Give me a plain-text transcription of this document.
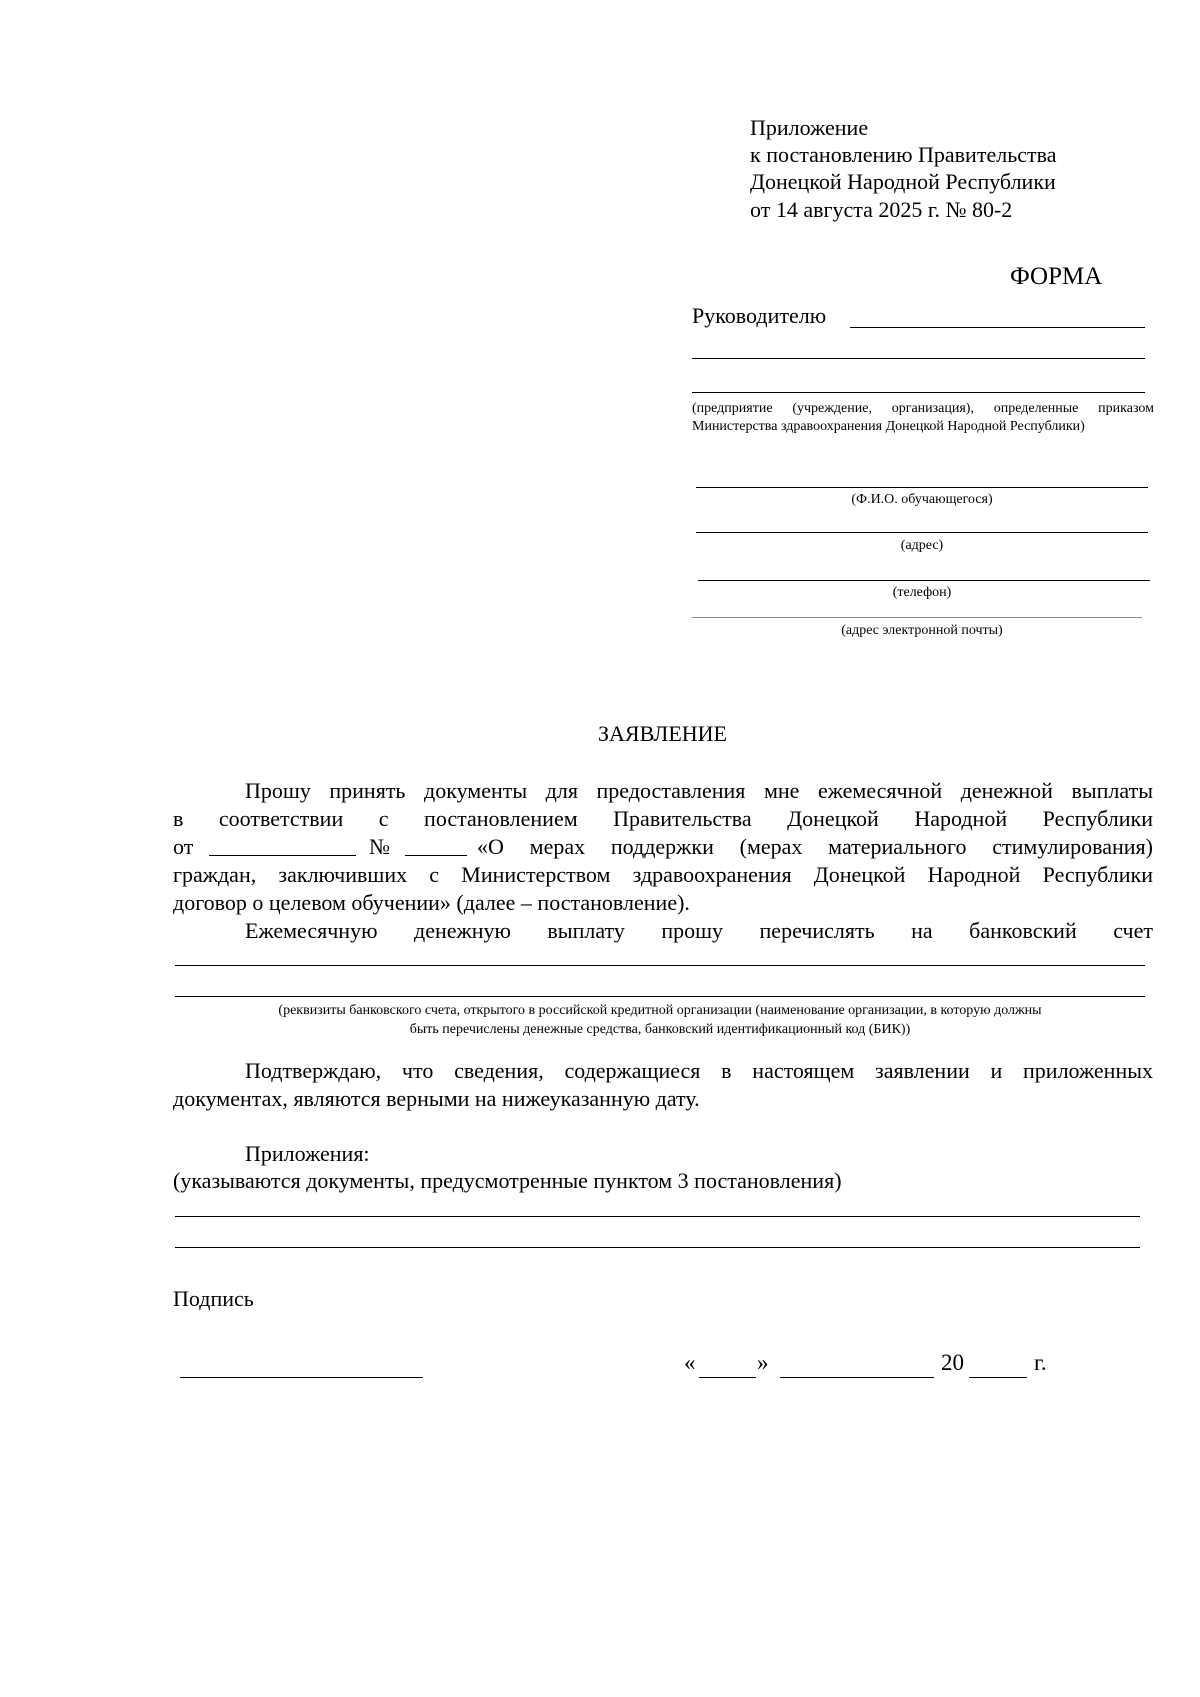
Приложение
к постановлению Правительства
Донецкой Народной Республики
от 14 августа 2025 г. № 80-2
ФОРМА
Руководителю
(предприятие (учреждение, организация), определенные приказом Министерства здравоохранения Донецкой Народной Республики)
(Ф.И.О. обучающегося)
(адрес)
(телефон)
(адрес электронной почты)
ЗАЯВЛЕНИЕ
Прошу принять документы для предоставления мне ежемесячной денежной выплаты
в соответствии с постановлением Правительства Донецкой Народной Республики
от	№	«О мерах поддержки (мерах материального стимулирования)
граждан, заключивших с Министерством здравоохранения Донецкой Народной Республики
договор о целевом обучении» (далее – постановление).
Ежемесячную денежную выплату прошу перечислять на банковский счет
(реквизиты банковского счета, открытого в российской кредитной организации (наименование организации, в которую должны
быть перечислены денежные средства, банковский идентификационный код (БИК))
Подтверждаю, что сведения, содержащиеся в настоящем заявлении и приложенных
документах, являются верными на нижеуказанную дату.
Приложения:
(указываются документы, предусмотренные пунктом 3 постановления)
Подпись
«	»	20	г.
